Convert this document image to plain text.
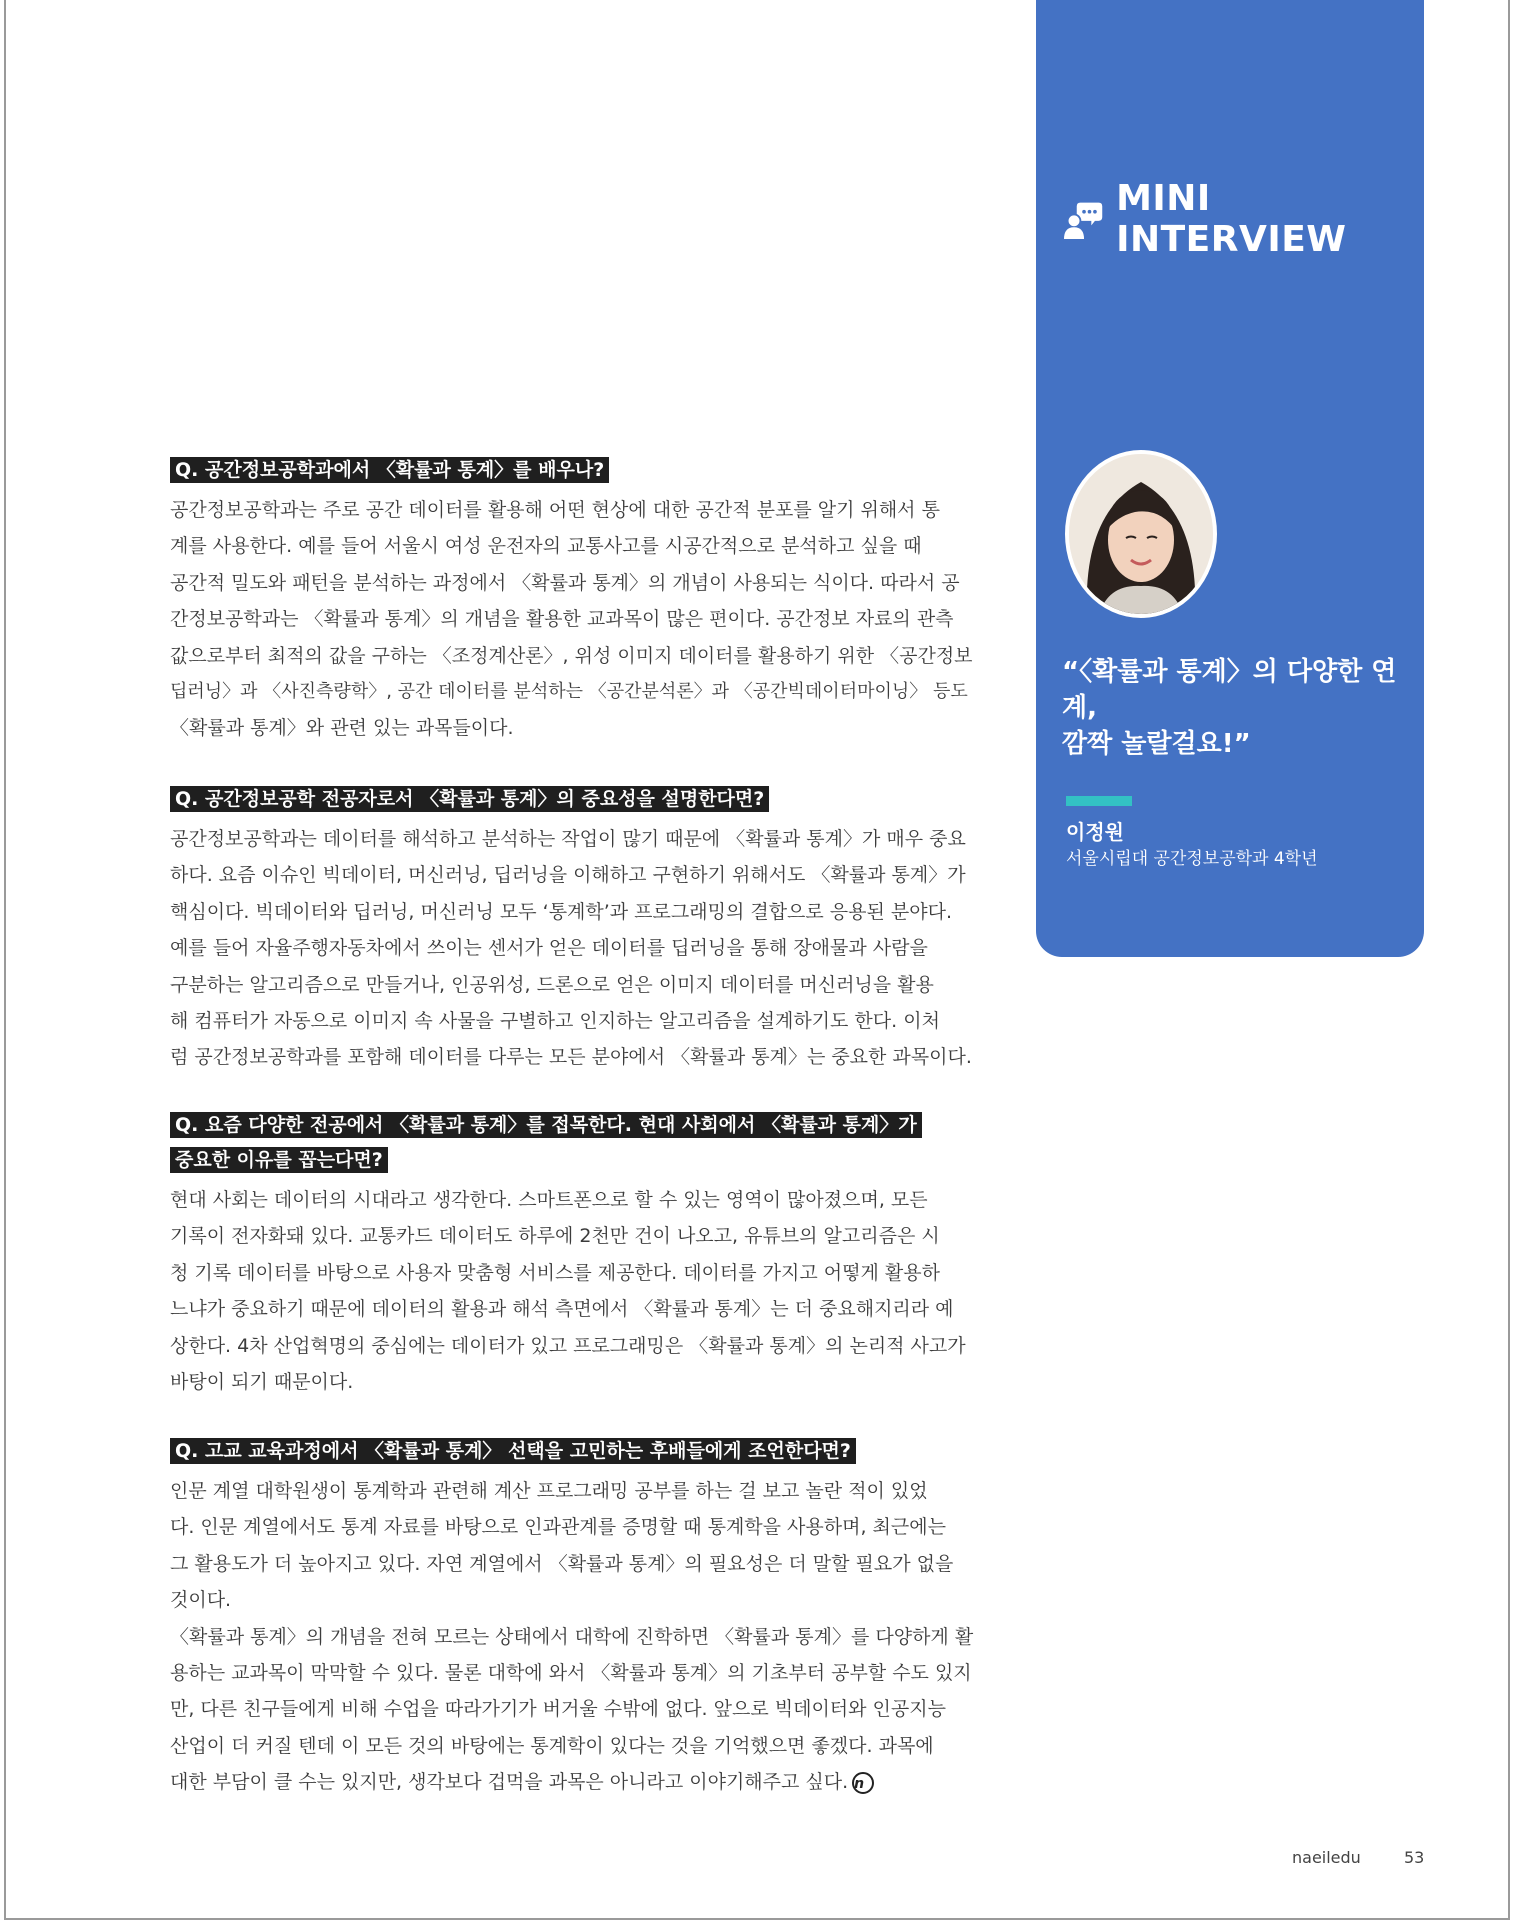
MINI INTERVIEW
“〈확률과 통계〉의 다양한 연계,
깜짝 놀랄걸요!”
이정원
서울시립대 공간정보공학과 4학년
Q. 공간정보공학과에서 〈확률과 통계〉를 배우나?

공간정보공학과는 주로 공간 데이터를 활용해 어떤 현상에 대한 공간적 분포를 알기 위해서 통
계를 사용한다. 예를 들어 서울시 여성 운전자의 교통사고를 시공간적으로 분석하고 싶을 때
공간적 밀도와 패턴을 분석하는 과정에서 〈확률과 통계〉의 개념이 사용되는 식이다. 따라서 공
간정보공학과는 〈확률과 통계〉의 개념을 활용한 교과목이 많은 편이다. 공간정보 자료의 관측
값으로부터 최적의 값을 구하는 〈조정계산론〉, 위성 이미지 데이터를 활용하기 위한 〈공간정보
딥러닝〉과 〈사진측량학〉, 공간 데이터를 분석하는 〈공간분석론〉과 〈공간빅데이터마이닝〉 등도
〈확률과 통계〉와 관련 있는 과목들이다.

Q. 공간정보공학 전공자로서 〈확률과 통계〉의 중요성을 설명한다면?

공간정보공학과는 데이터를 해석하고 분석하는 작업이 많기 때문에 〈확률과 통계〉가 매우 중요
하다. 요즘 이슈인 빅데이터, 머신러닝, 딥러닝을 이해하고 구현하기 위해서도 〈확률과 통계〉가
핵심이다. 빅데이터와 딥러닝, 머신러닝 모두 ‘통계학’과 프로그래밍의 결합으로 응용된 분야다.
예를 들어 자율주행자동차에서 쓰이는 센서가 얻은 데이터를 딥러닝을 통해 장애물과 사람을
구분하는 알고리즘으로 만들거나, 인공위성, 드론으로 얻은 이미지 데이터를 머신러닝을 활용
해 컴퓨터가 자동으로 이미지 속 사물을 구별하고 인지하는 알고리즘을 설계하기도 한다. 이처
럼 공간정보공학과를 포함해 데이터를 다루는 모든 분야에서 〈확률과 통계〉는 중요한 과목이다.

Q. 요즘 다양한 전공에서 〈확률과 통계〉를 접목한다. 현대 사회에서 〈확률과 통계〉가
중요한 이유를 꼽는다면?

현대 사회는 데이터의 시대라고 생각한다. 스마트폰으로 할 수 있는 영역이 많아졌으며, 모든
기록이 전자화돼 있다. 교통카드 데이터도 하루에 2천만 건이 나오고, 유튜브의 알고리즘은 시
청 기록 데이터를 바탕으로 사용자 맞춤형 서비스를 제공한다. 데이터를 가지고 어떻게 활용하
느냐가 중요하기 때문에 데이터의 활용과 해석 측면에서 〈확률과 통계〉는 더 중요해지리라 예
상한다. 4차 산업혁명의 중심에는 데이터가 있고 프로그래밍은 〈확률과 통계〉의 논리적 사고가
바탕이 되기 때문이다.

Q. 고교 교육과정에서 〈확률과 통계〉 선택을 고민하는 후배들에게 조언한다면?

인문 계열 대학원생이 통계학과 관련해 계산 프로그래밍 공부를 하는 걸 보고 놀란 적이 있었
다. 인문 계열에서도 통계 자료를 바탕으로 인과관계를 증명할 때 통계학을 사용하며, 최근에는
그 활용도가 더 높아지고 있다. 자연 계열에서 〈확률과 통계〉의 필요성은 더 말할 필요가 없을
것이다.

〈확률과 통계〉의 개념을 전혀 모르는 상태에서 대학에 진학하면 〈확률과 통계〉를 다양하게 활
용하는 교과목이 막막할 수 있다. 물론 대학에 와서 〈확률과 통계〉의 기초부터 공부할 수도 있지
만, 다른 친구들에게 비해 수업을 따라가기가 버거울 수밖에 없다. 앞으로 빅데이터와 인공지능
산업이 더 커질 텐데 이 모든 것의 바탕에는 통계학이 있다는 것을 기억했으면 좋겠다. 과목에
대한 부담이 클 수는 있지만, 생각보다 겁먹을 과목은 아니라고 이야기해주고 싶다. n

naeiledu	53
